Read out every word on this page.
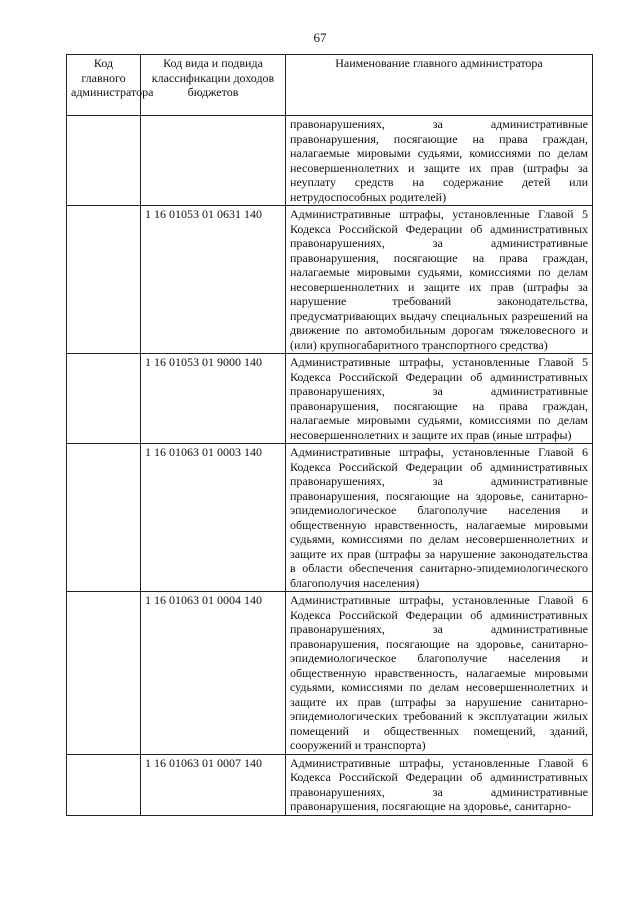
67
Код главного администратора	Код вида и подвида классификации доходов бюджетов	Наименование главного администратора
		правонарушениях, за административные правонарушения, посягающие на права граждан, налагаемые мировыми судьями, комиссиями по делам несовершеннолетних и защите их прав (штрафы за неуплату средств на содержание детей или нетрудоспособных родителей)
	1 16 01053 01 0631 140	Административные штрафы, установленные Главой 5 Кодекса Российской Федерации об административных правонарушениях, за административные правонарушения, посягающие на права граждан, налагаемые мировыми судьями, комиссиями по делам несовершеннолетних и защите их прав (штрафы за нарушение требований законодательства, предусматривающих выдачу специальных разрешений на движение по автомобильным дорогам тяжеловесного и (или) крупногабаритного транспортного средства)
	1 16 01053 01 9000 140	Административные штрафы, установленные Главой 5 Кодекса Российской Федерации об административных правонарушениях, за административные правонарушения, посягающие на права граждан, налагаемые мировыми судьями, комиссиями по делам несовершеннолетних и защите их прав (иные штрафы)
	1 16 01063 01 0003 140	Административные штрафы, установленные Главой 6 Кодекса Российской Федерации об административных правонарушениях, за административные правонарушения, посягающие на здоровье, санитарно-эпидемиологическое благополучие населения и общественную нравственность, налагаемые мировыми судьями, комиссиями по делам несовершеннолетних и защите их прав (штрафы за нарушение законодательства в области обеспечения санитарно-эпидемиологического благополучия населения)
	1 16 01063 01 0004 140	Административные штрафы, установленные Главой 6 Кодекса Российской Федерации об административных правонарушениях, за административные правонарушения, посягающие на здоровье, санитарно-эпидемиологическое благополучие населения и общественную нравственность, налагаемые мировыми судьями, комиссиями по делам несовершеннолетних и защите их прав (штрафы за нарушение санитарно-эпидемиологических требований к эксплуатации жилых помещений и общественных помещений, зданий, сооружений и транспорта)
	1 16 01063 01 0007 140	Административные штрафы, установленные Главой 6 Кодекса Российской Федерации об административных правонарушениях, за административные правонарушения, посягающие на здоровье, санитарно-
